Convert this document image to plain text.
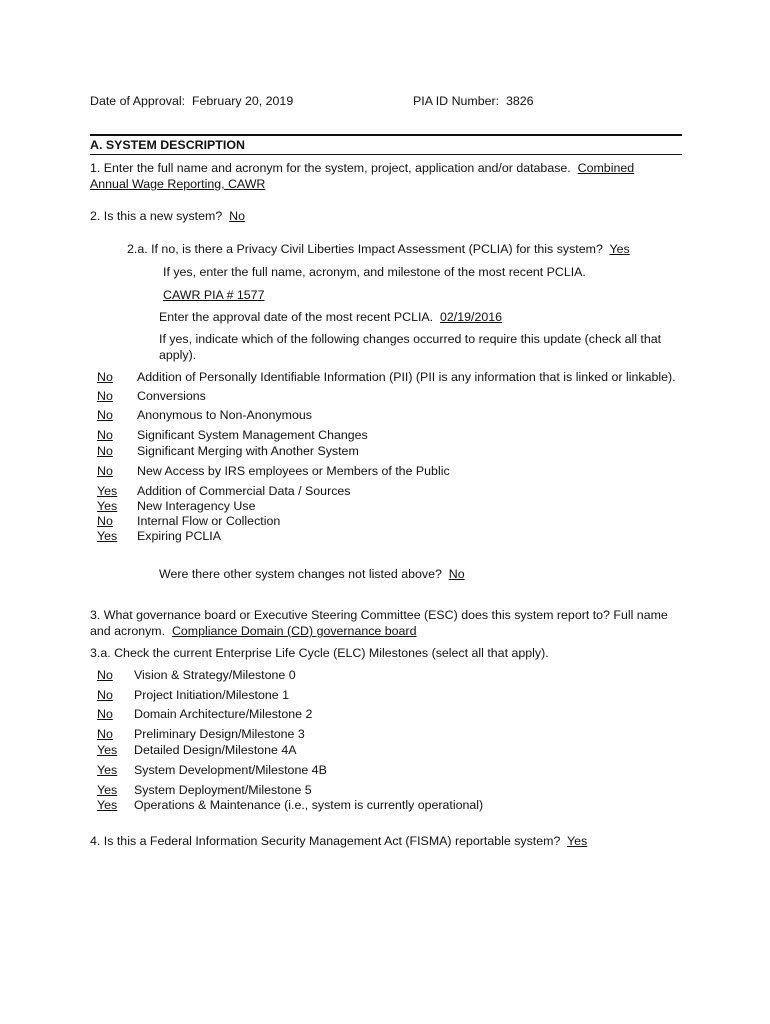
Date of Approval: February 20, 2019	PIA ID Number: 3826
A. SYSTEM DESCRIPTION
1. Enter the full name and acronym for the system, project, application and/or database. Combined
Annual Wage Reporting, CAWR
2. Is this a new system? No
2.a. If no, is there a Privacy Civil Liberties Impact Assessment (PCLIA) for this system? Yes
If yes, enter the full name, acronym, and milestone of the most recent PCLIA.
CAWR PIA # 1577
Enter the approval date of the most recent PCLIA. 02/19/2016
If yes, indicate which of the following changes occurred to require this update (check all that
apply).
No Addition of Personally Identifiable Information (PII) (PII is any information that is linked or linkable).
No Conversions
No Anonymous to Non-Anonymous
No Significant System Management Changes
No Significant Merging with Another System
No New Access by IRS employees or Members of the Public
Yes Addition of Commercial Data / Sources
Yes New Interagency Use
No Internal Flow or Collection
Yes Expiring PCLIA
Were there other system changes not listed above? No
3. What governance board or Executive Steering Committee (ESC) does this system report to? Full name
and acronym. Compliance Domain (CD) governance board
3.a. Check the current Enterprise Life Cycle (ELC) Milestones (select all that apply).
No Vision & Strategy/Milestone 0
No Project Initiation/Milestone 1
No Domain Architecture/Milestone 2
No Preliminary Design/Milestone 3
Yes Detailed Design/Milestone 4A
Yes System Development/Milestone 4B
Yes System Deployment/Milestone 5
Yes Operations & Maintenance (i.e., system is currently operational)
4. Is this a Federal Information Security Management Act (FISMA) reportable system? Yes
